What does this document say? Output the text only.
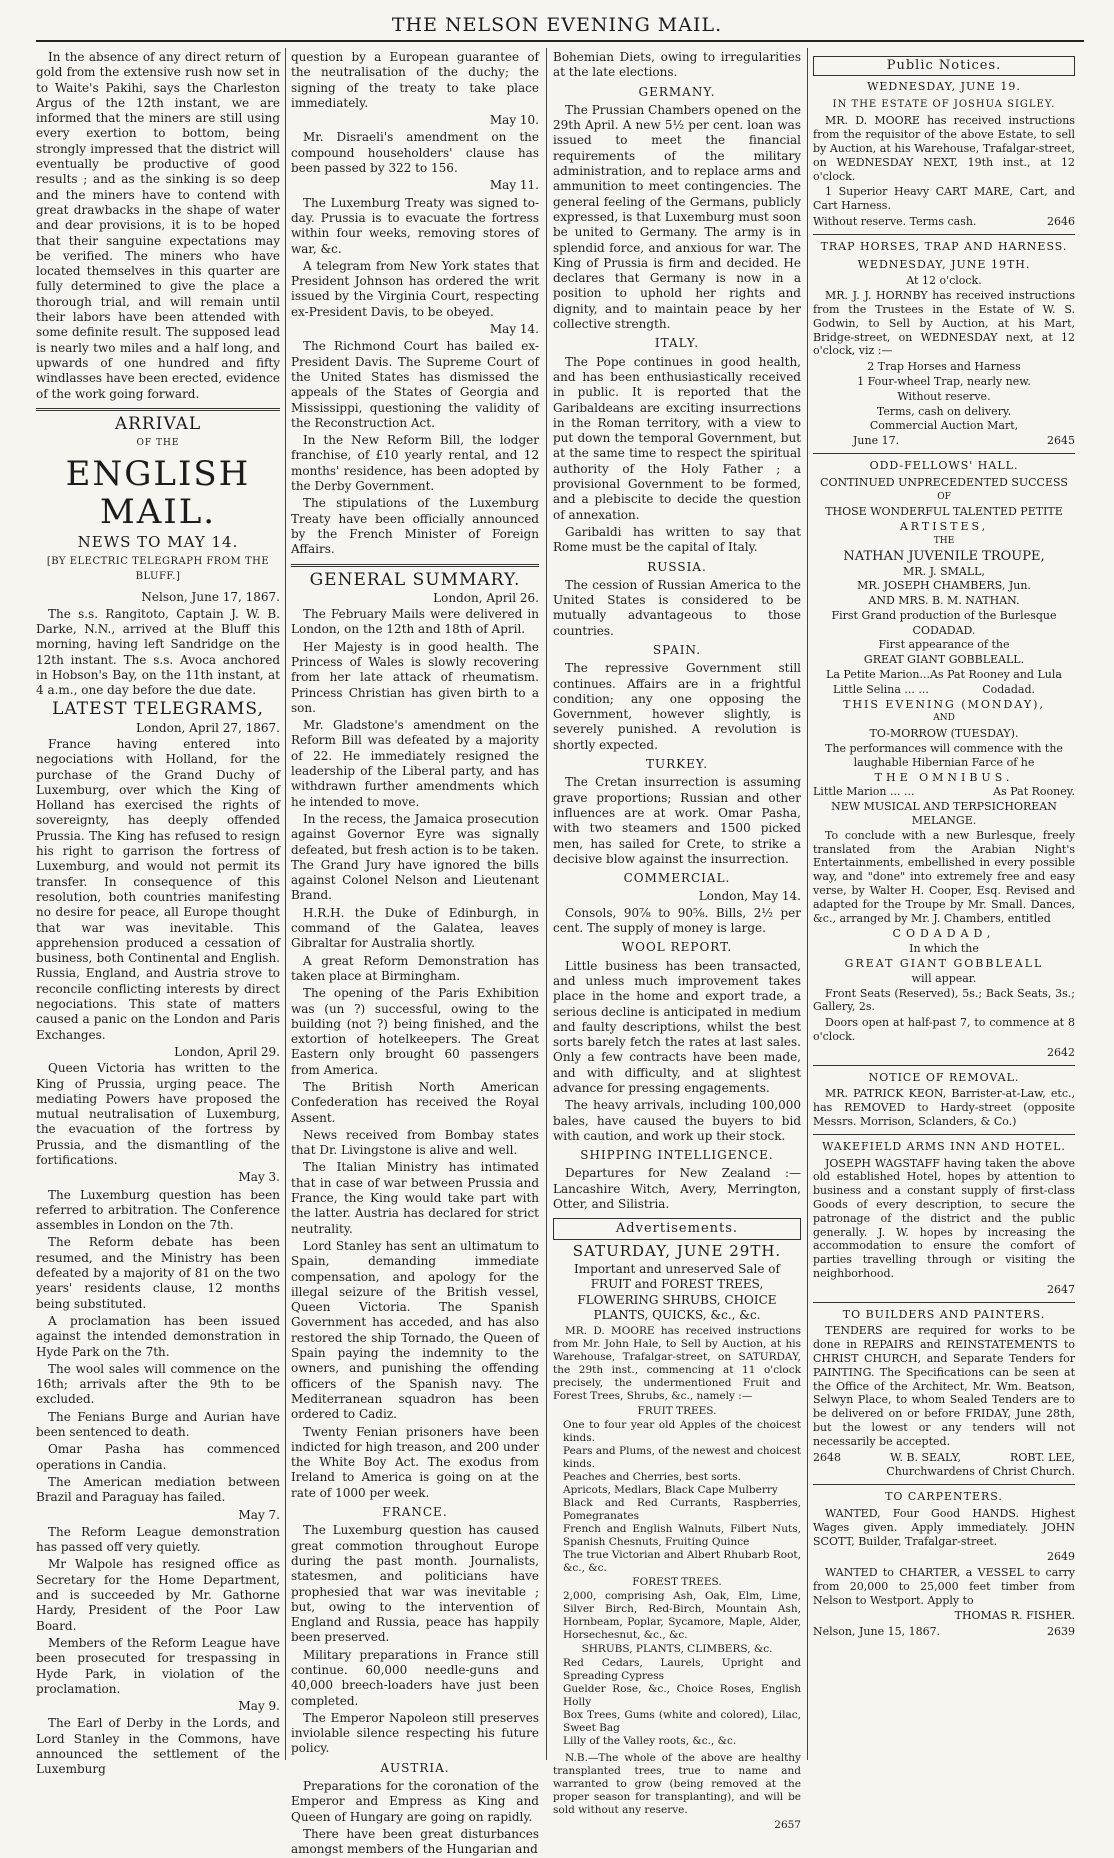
THE NELSON EVENING MAIL.

In the absence of any direct return of gold from the extensive rush now set in to Waite's Pakihi, says the Charleston Argus of the 12th instant, we are informed that the miners are still using every exertion to bottom, being strongly impressed that the district will eventually be productive of good results ; and as the sinking is so deep and the miners have to contend with great drawbacks in the shape of water and dear provisions, it is to be hoped that their sanguine expectations may be verified. The miners who have located themselves in this quarter are fully determined to give the place a thorough trial, and will remain until their labors have been attended with some definite result. The supposed lead is nearly two miles and a half long, and upwards of one hundred and fifty windlasses have been erected, evidence of the work going forward.

ARRIVAL
OF THE
ENGLISH MAIL.
NEWS TO MAY 14.
[BY ELECTRIC TELEGRAPH FROM THE BLUFF.]
Nelson, June 17, 1867.

The s.s. Rangitoto, Captain J. W. B. Darke, N.N., arrived at the Bluff this morning, having left Sandridge on the 12th instant. The s.s. Avoca anchored in Hobson's Bay, on the 11th instant, at 4 a.m., one day before the due date.

LATEST TELEGRAMS,
London, April 27, 1867.

France having entered into negociations with Holland, for the purchase of the Grand Duchy of Luxemburg, over which the King of Holland has exercised the rights of sovereignty, has deeply offended Prussia. The King has refused to resign his right to garrison the fortress of Luxemburg, and would not permit its transfer. In consequence of this resolution, both countries manifesting no desire for peace, all Europe thought that war was inevitable. This apprehension produced a cessation of business, both Continental and English. Russia, England, and Austria strove to reconcile conflicting interests by direct negociations. This state of matters caused a panic on the London and Paris Exchanges.

London, April 29.

Queen Victoria has written to the King of Prussia, urging peace. The mediating Powers have proposed the mutual neutralisation of Luxemburg, the evacuation of the fortress by Prussia, and the dismantling of the fortifications.

May 3.

The Luxemburg question has been referred to arbitration. The Conference assembles in London on the 7th.

The Reform debate has been resumed, and the Ministry has been defeated by a majority of 81 on the two years' residents clause, 12 months being substituted.

A proclamation has been issued against the intended demonstration in Hyde Park on the 7th.

The wool sales will commence on the 16th; arrivals after the 9th to be excluded.

The Fenians Burge and Aurian have been sentenced to death.

Omar Pasha has commenced operations in Candia.

The American mediation between Brazil and Paraguay has failed.

May 7.

The Reform League demonstration has passed off very quietly.

Mr Walpole has resigned office as Secretary for the Home Department, and is succeeded by Mr. Gathorne Hardy, President of the Poor Law Board.

Members of the Reform League have been prosecuted for trespassing in Hyde Park, in violation of the proclamation.

May 9.

The Earl of Derby in the Lords, and Lord Stanley in the Commons, have announced the settlement of the Luxemburg

question by a European guarantee of the neutralisation of the duchy; the signing of the treaty to take place immediately.

May 10.

Mr. Disraeli's amendment on the compound householders' clause has been passed by 322 to 156.

May 11.

The Luxemburg Treaty was signed to-day. Prussia is to evacuate the fortress within four weeks, removing stores of war, &c.

A telegram from New York states that President Johnson has ordered the writ issued by the Virginia Court, respecting ex-President Davis, to be obeyed.

May 14.

The Richmond Court has bailed ex-President Davis. The Supreme Court of the United States has dismissed the appeals of the States of Georgia and Mississippi, questioning the validity of the Reconstruction Act.

In the New Reform Bill, the lodger franchise, of £10 yearly rental, and 12 months' residence, has been adopted by the Derby Government.

The stipulations of the Luxemburg Treaty have been officially announced by the French Minister of Foreign Affairs.

GENERAL SUMMARY.
London, April 26.

The February Mails were delivered in London, on the 12th and 18th of April.

Her Majesty is in good health. The Princess of Wales is slowly recovering from her late attack of rheumatism. Princess Christian has given birth to a son.

Mr. Gladstone's amendment on the Reform Bill was defeated by a majority of 22. He immediately resigned the leadership of the Liberal party, and has withdrawn further amendments which he intended to move.

In the recess, the Jamaica prosecution against Governor Eyre was signally defeated, but fresh action is to be taken. The Grand Jury have ignored the bills against Colonel Nelson and Lieutenant Brand.

H.R.H. the Duke of Edinburgh, in command of the Galatea, leaves Gibraltar for Australia shortly.

A great Reform Demonstration has taken place at Birmingham.

The opening of the Paris Exhibition was (un ?) successful, owing to the building (not ?) being finished, and the extortion of hotelkeepers. The Great Eastern only brought 60 passengers from America.

The British North American Confederation has received the Royal Assent.

News received from Bombay states that Dr. Livingstone is alive and well.

The Italian Ministry has intimated that in case of war between Prussia and France, the King would take part with the latter. Austria has declared for strict neutrality.

Lord Stanley has sent an ultimatum to Spain, demanding immediate compensation, and apology for the illegal seizure of the British vessel, Queen Victoria. The Spanish Government has acceded, and has also restored the ship Tornado, the Queen of Spain paying the indemnity to the owners, and punishing the offending officers of the Spanish navy. The Mediterranean squadron has been ordered to Cadiz.

Twenty Fenian prisoners have been indicted for high treason, and 200 under the White Boy Act. The exodus from Ireland to America is going on at the rate of 1000 per week.

FRANCE.

The Luxemburg question has caused great commotion throughout Europe during the past month. Journalists, statesmen, and politicians have prophesied that war was inevitable ; but, owing to the intervention of England and Russia, peace has happily been preserved.

Military preparations in France still continue. 60,000 needle-guns and 40,000 breech-loaders have just been completed.

The Emperor Napoleon still preserves inviolable silence respecting his future policy.

AUSTRIA.

Preparations for the coronation of the Emperor and Empress as King and Queen of Hungary are going on rapidly.

There have been great disturbances amongst members of the Hungarian and

Bohemian Diets, owing to irregularities at the late elections.

GERMANY.

The Prussian Chambers opened on the 29th April. A new 5½ per cent. loan was issued to meet the financial requirements of the military administration, and to replace arms and ammunition to meet contingencies. The general feeling of the Germans, publicly expressed, is that Luxemburg must soon be united to Germany. The army is in splendid force, and anxious for war. The King of Prussia is firm and decided. He declares that Germany is now in a position to uphold her rights and dignity, and to maintain peace by her collective strength.

ITALY.

The Pope continues in good health, and has been enthusiastically received in public. It is reported that the Garibaldeans are exciting insurrections in the Roman territory, with a view to put down the temporal Government, but at the same time to respect the spiritual authority of the Holy Father ; a provisional Government to be formed, and a plebiscite to decide the question of annexation.

Garibaldi has written to say that Rome must be the capital of Italy.

RUSSIA.

The cession of Russian America to the United States is considered to be mutually advantageous to those countries.

SPAIN.

The repressive Government still continues. Affairs are in a frightful condition; any one opposing the Government, however slightly, is severely punished. A revolution is shortly expected.

TURKEY.

The Cretan insurrection is assuming grave proportions; Russian and other influences are at work. Omar Pasha, with two steamers and 1500 picked men, has sailed for Crete, to strike a decisive blow against the insurrection.

COMMERCIAL.
London, May 14.

Consols, 90⅞ to 90⅝. Bills, 2½ per cent. The supply of money is large.

WOOL REPORT.

Little business has been transacted, and unless much improvement takes place in the home and export trade, a serious decline is anticipated in medium and faulty descriptions, whilst the best sorts barely fetch the rates at last sales. Only a few contracts have been made, and with difficulty, and at slightest advance for pressing engagements.

The heavy arrivals, including 100,000 bales, have caused the buyers to bid with caution, and work up their stock.

SHIPPING INTELLIGENCE.

Departures for New Zealand :—Lancashire Witch, Avery, Merrington, Otter, and Silistria.

Advertisements.
SATURDAY, JUNE 29TH.

Important and unreserved Sale of FRUIT and FOREST TREES, FLOWERING SHRUBS, CHOICE PLANTS, QUICKS, &c., &c.

MR. D. MOORE has received instructions from Mr. John Hale, to Sell by Auction, at his Warehouse, Trafalgar-street, on SATURDAY, the 29th inst., commencing at 11 o'clock precisely, the undermentioned Fruit and Forest Trees, Shrubs, &c., namely :—

FRUIT TREES.

One to four year old Apples of the choicest kinds.

Pears and Plums, of the newest and choicest kinds.

Peaches and Cherries, best sorts.

Apricots, Medlars, Black Cape Mulberry

Black and Red Currants, Raspberries, Pomegranates

French and English Walnuts, Filbert Nuts, Spanish Chesnuts, Fruiting Quince

The true Victorian and Albert Rhubarb Root, &c., &c.

FOREST TREES.

2,000, comprising Ash, Oak, Elm, Lime, Silver Birch, Red-Birch, Mountain Ash, Hornbeam, Poplar, Sycamore, Maple, Alder, Horsechesnut, &c., &c.

SHRUBS, PLANTS, CLIMBERS, &c.

Red Cedars, Laurels, Upright and Spreading Cypress

Guelder Rose, &c., Choice Roses, English Holly

Box Trees, Gums (white and colored), Lilac, Sweet Bag

Lilly of the Valley roots, &c., &c.

N.B.—The whole of the above are healthy transplanted trees, true to name and warranted to grow (being removed at the proper season for transplanting), and will be sold without any reserve.

2657
Public Notices.
WEDNESDAY, JUNE 19.
IN THE ESTATE OF JOSHUA SIGLEY.

MR. D. MOORE has received instructions from the requisitor of the above Estate, to sell by Auction, at his Warehouse, Trafalgar-street, on WEDNESDAY NEXT, 19th inst., at 12 o'clock.

1 Superior Heavy CART MARE, Cart, and Cart Harness.

Without reserve. Terms cash.	2646
TRAP HORSES, TRAP AND HARNESS.
WEDNESDAY, JUNE 19TH.
At 12 o'clock.

MR. J. J. HORNBY has received instructions from the Trustees in the Estate of W. S. Godwin, to Sell by Auction, at his Mart, Bridge-street, on WEDNESDAY next, at 12 o'clock, viz :—

2 Trap Horses and Harness
1 Four-wheel Trap, nearly new.
Without reserve.
Terms, cash on delivery.
Commercial Auction Mart,
June 17.	2645
ODD-FELLOWS' HALL.
CONTINUED UNPRECEDENTED SUCCESS
OF
THOSE WONDERFUL TALENTED PETITE
ARTISTES,
THE
NATHAN JUVENILE TROUPE,
MR. J. SMALL,
MR. JOSEPH CHAMBERS, Jun.
AND MRS. B. M. NATHAN.
First Grand production of the Burlesque
CODADAD.
First appearance of the
GREAT GIANT GOBBLEALL.
La Petite Marion...As Pat Rooney and Lula
Little Selina ... ...	Codadad.
THIS EVENING (MONDAY),
AND
TO-MORROW (TUESDAY).
The performances will commence with the laughable Hibernian Farce of he
THE OMNIBUS.
Little Marion ... ...	As Pat Rooney.
NEW MUSICAL AND TERPSICHOREAN MELANGE.

To conclude with a new Burlesque, freely translated from the Arabian Night's Entertainments, embellished in every possible way, and "done" into extremely free and easy verse, by Walter H. Cooper, Esq. Revised and adapted for the Troupe by Mr. Small. Dances, &c., arranged by Mr. J. Chambers, entitled

CODADAD,
In which the
GREAT GIANT GOBBLEALL
will appear.

Front Seats (Reserved), 5s.; Back Seats, 3s.; Gallery, 2s.

Doors open at half-past 7, to commence at 8 o'clock.

2642
NOTICE OF REMOVAL.

MR. PATRICK KEON, Barrister-at-Law, etc., has REMOVED to Hardy-street (opposite Messrs. Morrison, Sclanders, & Co.)

WAKEFIELD ARMS INN AND HOTEL.

JOSEPH WAGSTAFF having taken the above old established Hotel, hopes by attention to business and a constant supply of first-class Goods of every description, to secure the patronage of the district and the public generally. J. W. hopes by increasing the accommodation to ensure the comfort of parties travelling through or visiting the neighborhood.

2647
TO BUILDERS AND PAINTERS.

TENDERS are required for works to be done in REPAIRS and REINSTATEMENTS to CHRIST CHURCH, and Separate Tenders for PAINTING. The Specifications can be seen at the Office of the Architect, Mr. Wm. Beatson, Selwyn Place, to whom Sealed Tenders are to be delivered on or before FRIDAY, June 28th, but the lowest or any tenders will not necessarily be accepted.

2648	W. B. SEALY,	ROBT. LEE,
Churchwardens of Christ Church.
TO CARPENTERS.

WANTED, Four Good HANDS. Highest Wages given. Apply immediately. JOHN SCOTT, Builder, Trafalgar-street.

2649

WANTED to CHARTER, a VESSEL to carry from 20,000 to 25,000 feet timber from Nelson to Westport. Apply to

THOMAS R. FISHER.
Nelson, June 15, 1867.	2639
